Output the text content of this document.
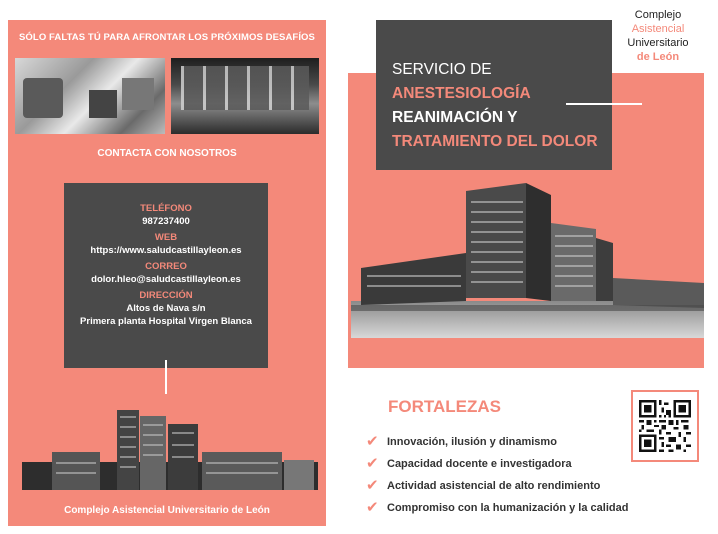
SÓLO FALTAS TÚ PARA AFRONTAR LOS PRÓXIMOS DESAFÍOS
CONTACTA CON NOSOTROS
TELÉFONO
987237400
WEB
https://www.saludcastillayleon.es
CORREO
dolor.hleo@saludcastillayleon.es
DIRECCIÓN
Altos de Nava s/n
Primera planta Hospital Virgen Blanca
Complejo Asistencial Universitario de León
Complejo
Asistencial
Universitario
de León
SERVICIO DE
ANESTESIOLOGÍA
REANIMACIÓN Y
TRATAMIENTO DEL DOLOR
FORTALEZAS
✔ Innovación, ilusión y dinamismo
✔ Capacidad docente e investigadora
✔ Actividad asistencial de alto rendimiento
✔ Compromiso con la humanización y la calidad
